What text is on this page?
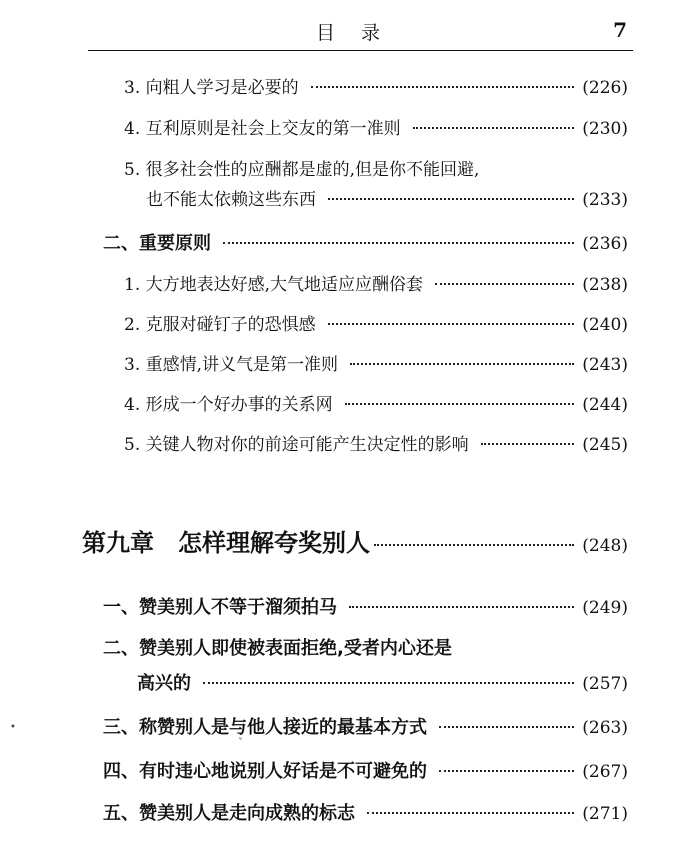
目录	7
3. 向粗人学习是必要的	(226)
4. 互利原则是社会上交友的第一准则	(230)
5. 很多社会性的应酬都是虚的,但是你不能回避,
也不能太依赖这些东西	(233)
二、重要原则	(236)
1. 大方地表达好感,大气地适应应酬俗套	(238)
2. 克服对碰钉子的恐惧感	(240)
3. 重感情,讲义气是第一准则	(243)
4. 形成一个好办事的关系网	(244)
5. 关键人物对你的前途可能产生决定性的影响	(245)
第九章　怎样理解夸奖别人	(248)
一、赞美别人不等于溜须拍马	(249)
二、赞美别人即使被表面拒绝,受者内心还是
高兴的	(257)
三、称赞别人是与他人接近的最基本方式	(263)
四、有时违心地说别人好话是不可避免的	(267)
五、赞美别人是走向成熟的标志	(271)
•
ˇ
